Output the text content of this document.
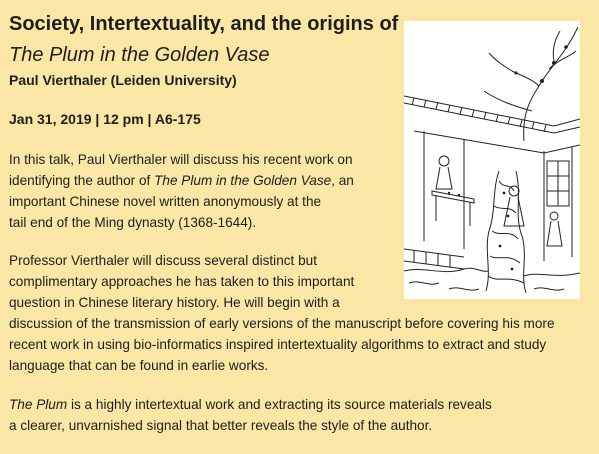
Society, Intertextuality, and the origins of
The Plum in the Golden Vase
Paul Vierthaler (Leiden University)
Jan 31, 2019 | 12 pm | A6-175
In this talk, Paul Vierthaler will discuss his recent work on
identifying the author of The Plum in the Golden Vase, an
important Chinese novel written anonymously at the
tail end of the Ming dynasty (1368-1644).
Professor Vierthaler will discuss several distinct but
complimentary approaches he has taken to this important
question in Chinese literary history. He will begin with a
discussion of the transmission of early versions of the manuscript before covering his more
recent work in using bio-informatics inspired intertextuality algorithms to extract and study
language that can be found in earlie works.
The Plum is a highly intertextual work and extracting its source materials reveals
a clearer, unvarnished signal that better reveals the style of the author.
